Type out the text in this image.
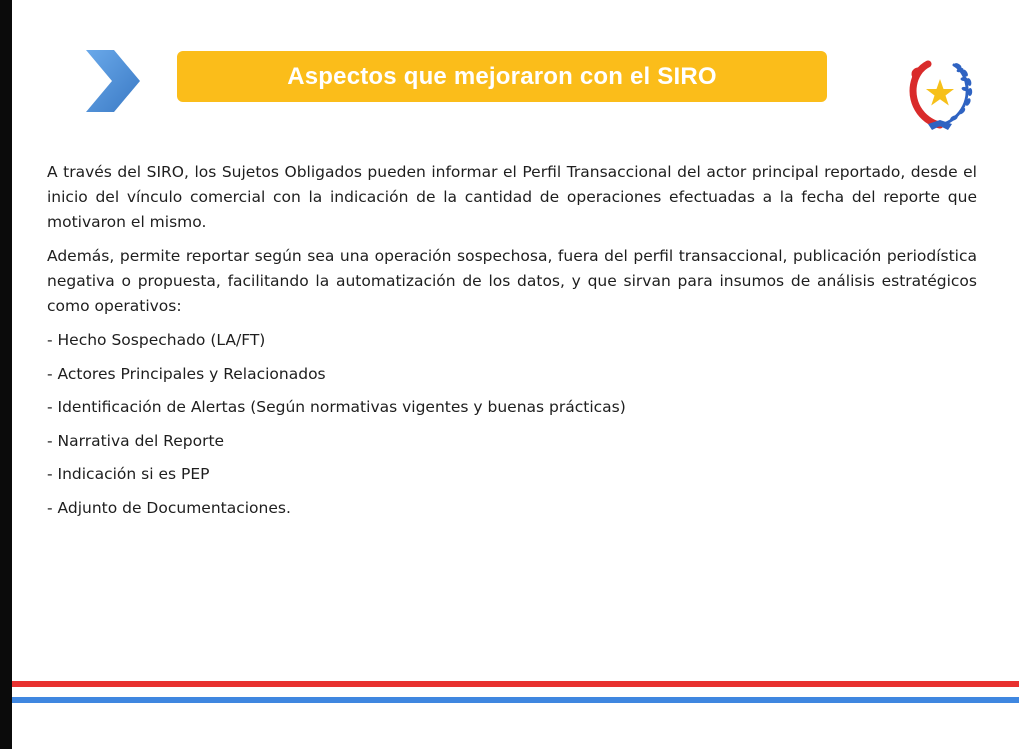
Aspectos que mejoraron con el SIRO

A través del SIRO, los Sujetos Obligados pueden informar el Perfil Transaccional del actor principal reportado, desde el inicio del vínculo comercial con la indicación de la cantidad de operaciones efectuadas a la fecha del reporte que motivaron el mismo.

Además, permite reportar según sea una operación sospechosa, fuera del perfil transaccional, publicación periodística negativa o propuesta, facilitando la automatización de los datos, y que sirvan para insumos de análisis estratégicos como operativos:

- Hecho Sospechado (LA/FT)
- Actores Principales y Relacionados
- Identificación de Alertas (Según normativas vigentes y buenas prácticas)
- Narrativa del Reporte
- Indicación si es PEP
- Adjunto de Documentaciones.
